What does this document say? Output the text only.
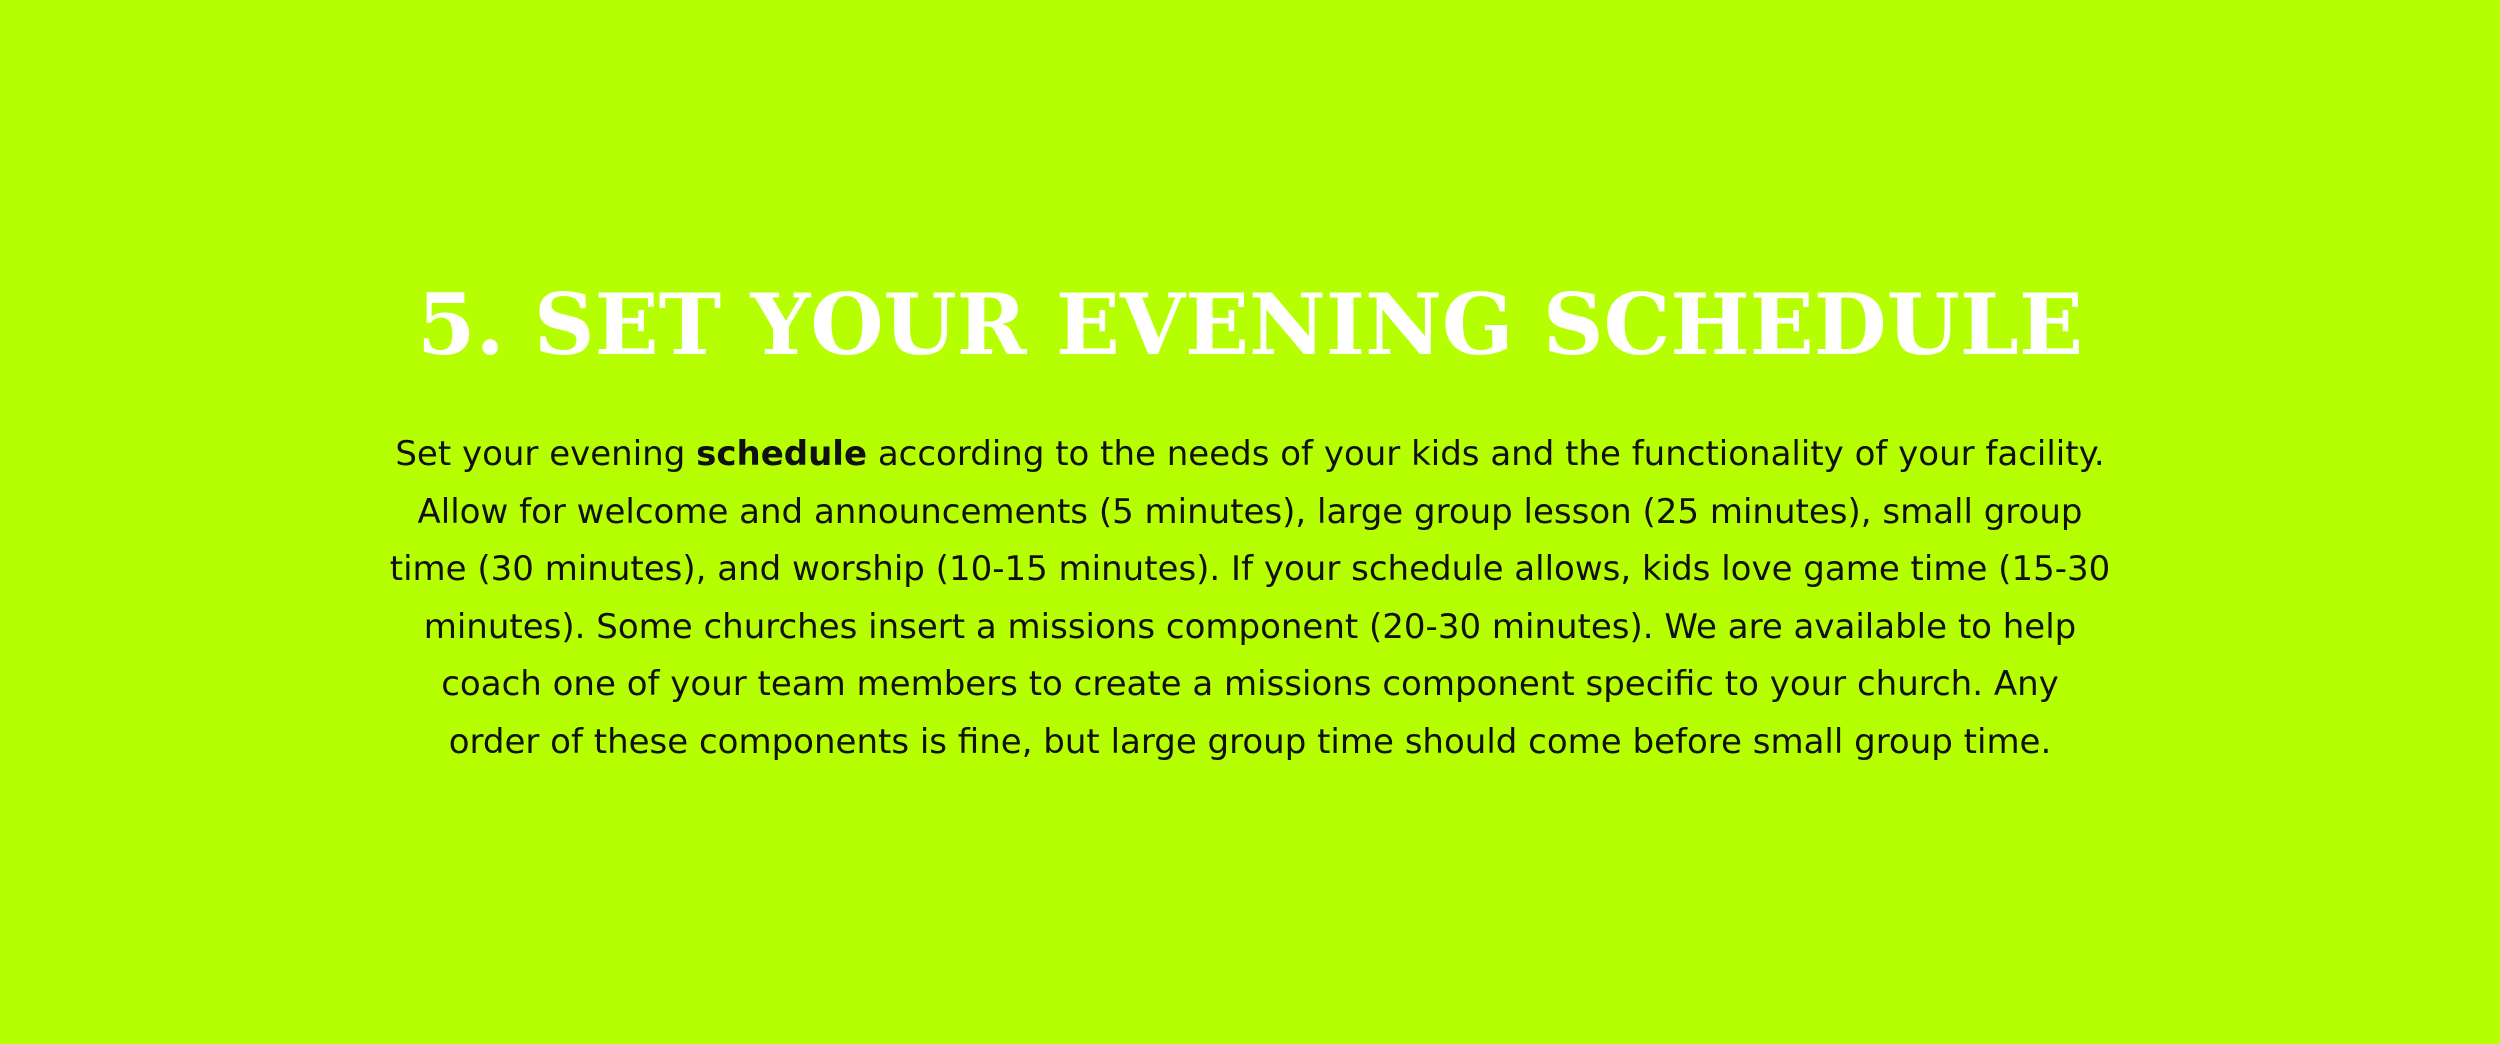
5. SET YOUR EVENING SCHEDULE

Set your evening schedule according to the needs of your kids and the functionality of your facility.
Allow for welcome and announcements (5 minutes), large group lesson (25 minutes), small group
time (30 minutes), and worship (10-15 minutes). If your schedule allows, kids love game time (15-30
minutes). Some churches insert a missions component (20-30 minutes). We are available to help
coach one of your team members to create a missions component specific to your church. Any
order of these components is fine, but large group time should come before small group time.
